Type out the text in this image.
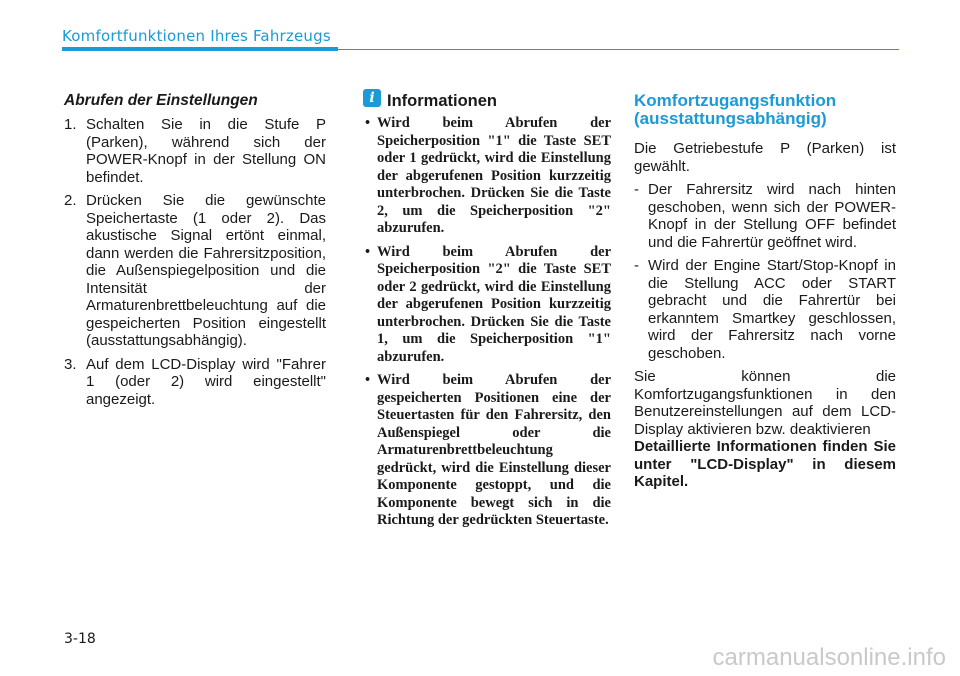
Komfortfunktionen Ihres Fahrzeugs
Abrufen der Einstellungen
1. Schalten Sie in die Stufe P (Parken), während sich der POWER-Knopf in der Stellung ON befindet.
2. Drücken Sie die gewünschte Speichertaste (1 oder 2). Das akustische Signal ertönt einmal, dann werden die Fahrersitzposition, die Außenspiegelposition und die Intensität der Armaturenbrettbeleuchtung auf die gespeicherten Position eingestellt (ausstattungsabhängig).
3. Auf dem LCD-Display wird "Fahrer 1 (oder 2) wird eingestellt" angezeigt.
i Informationen
• Wird beim Abrufen der Speicherposition "1" die Taste SET oder 1 gedrückt, wird die Einstellung der abgerufenen Position kurzzeitig unterbrochen. Drücken Sie die Taste 2, um die Speicherposition "2" abzurufen.
• Wird beim Abrufen der Speicherposition "2" die Taste SET oder 2 gedrückt, wird die Einstellung der abgerufenen Position kurzzeitig unterbrochen. Drücken Sie die Taste 1, um die Speicherposition "1" abzurufen.
• Wird beim Abrufen der gespeicherten Positionen eine der Steuertasten für den Fahrersitz, den Außenspiegel oder die Armaturenbrettbeleuchtung gedrückt, wird die Einstellung dieser Komponente gestoppt, und die Komponente bewegt sich in die Richtung der gedrückten Steuertaste.
Komfortzugangsfunktion (ausstattungsabhängig)

Die Getriebestufe P (Parken) ist gewählt.

- Der Fahrersitz wird nach hinten geschoben, wenn sich der POWER-Knopf in der Stellung OFF befindet und die Fahrertür geöffnet wird.
- Wird der Engine Start/Stop-Knopf in die Stellung ACC oder START gebracht und die Fahrertür bei erkanntem Smartkey geschlossen, wird der Fahrersitz nach vorne geschoben.

Sie können die Komfortzugangsfunktionen in den Benutzereinstellungen auf dem LCD-Display aktivieren bzw. deaktivieren

Detaillierte Informationen finden Sie unter "LCD-Display" in diesem Kapitel.

3-18
carmanualsonline.info
